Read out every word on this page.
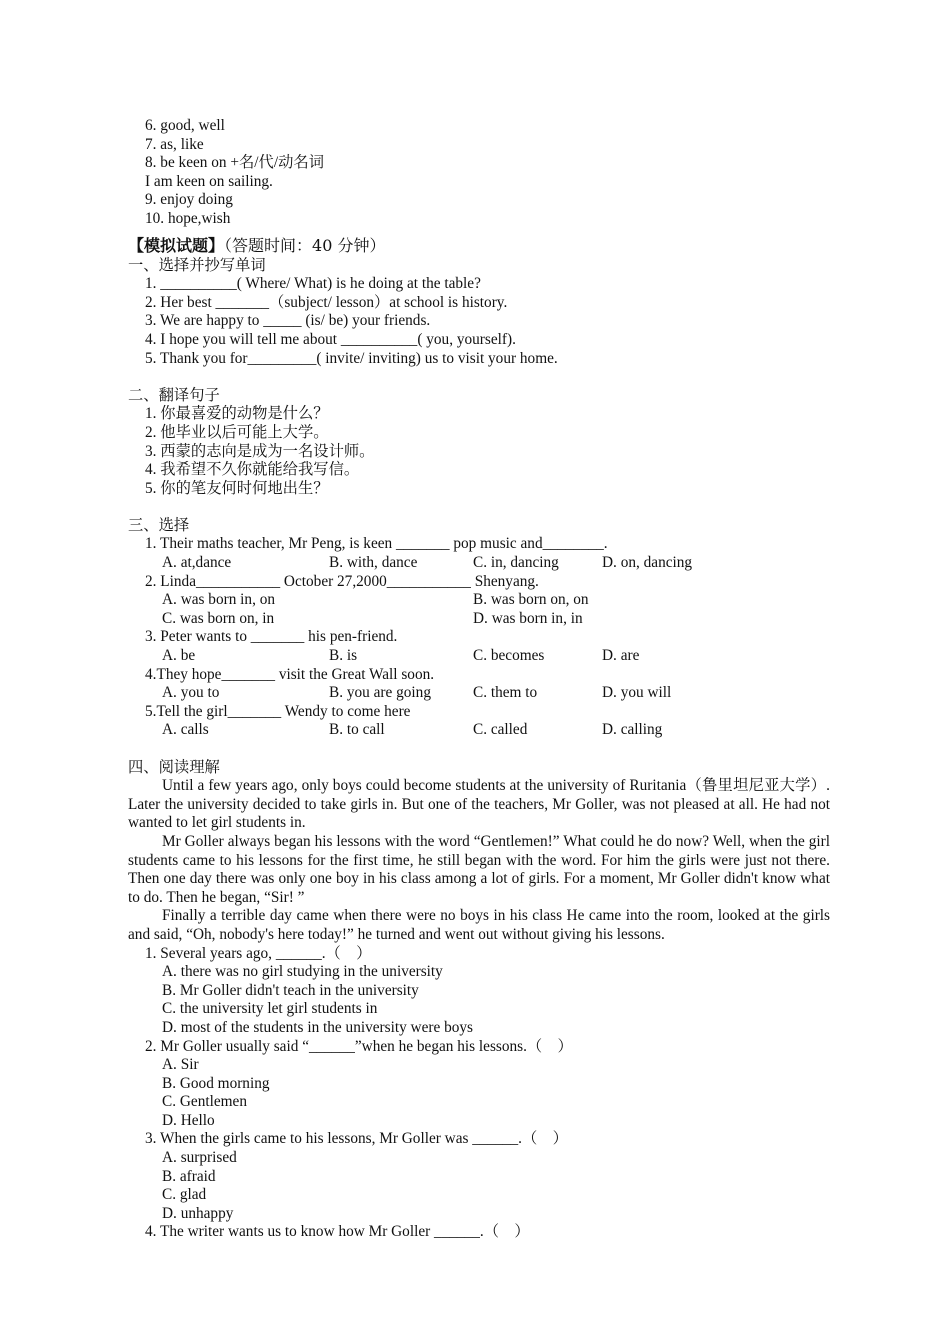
6. good, well
7. as, like
8. be keen on +名/代/动名词
I am keen on sailing.
9. enjoy doing
10. hope,wish
【模拟试题】（答题时间：40 分钟）
一、选择并抄写单词
1. __________( Where/ What) is he doing at the table?
2. Her best _______（subject/ lesson）at school is history.
3. We are happy to _____ (is/ be) your friends.
4. I hope you will tell me about __________( you, yourself).
5. Thank you for_________( invite/ inviting) us to visit your home.
二、翻译句子
1. 你最喜爱的动物是什么？
2. 他毕业以后可能上大学。
3. 西蒙的志向是成为一名设计师。
4. 我希望不久你就能给我写信。
5. 你的笔友何时何地出生？
三、选择
1. Their maths teacher, Mr Peng, is keen _______ pop music and________.
A. at,dance	B. with, dance	C. in, dancing	D. on, dancing
2. Linda___________ October 27,2000___________ Shenyang.
A. was born in, on	B. was born on, on
C. was born on, in	D. was born in, in
3. Peter wants to _______ his pen-friend.
A. be	B. is	C. becomes	D. are
4.They hope_______ visit the Great Wall soon.
A. you to	B. you are going	C. them to	D. you will
5.Tell the girl_______ Wendy to come here
A. calls	B. to call	C. called	D. calling
四、阅读理解

Until a few years ago, only boys could become students at the university of Ruritania（鲁里坦尼亚大学）. Later the university decided to take girls in. But one of the teachers, Mr Goller, was not pleased at all. He had not wanted to let girl students in.

Mr Goller always began his lessons with the word “Gentlemen!” What could he do now? Well, when the girl students came to his lessons for the first time, he still began with the word. For him the girls were just not there. Then one day there was only one boy in his class among a lot of girls. For a moment, Mr Goller didn't know what to do. Then he began, “Sir! ”

Finally a terrible day came when there were no boys in his class He came into the room, looked at the girls and said, “Oh, nobody's here today!” he turned and went out without giving his lessons.

1. Several years ago, ______.（    ）
A. there was no girl studying in the university
B. Mr Goller didn't teach in the university
C. the university let girl students in
D. most of the students in the university were boys
2. Mr Goller usually said “______”when he began his lessons.（    ）
A. Sir
B. Good morning
C. Gentlemen
D. Hello
3. When the girls came to his lessons, Mr Goller was ______.（    ）
A. surprised
B. afraid
C. glad
D. unhappy
4. The writer wants us to know how Mr Goller ______.（    ）
